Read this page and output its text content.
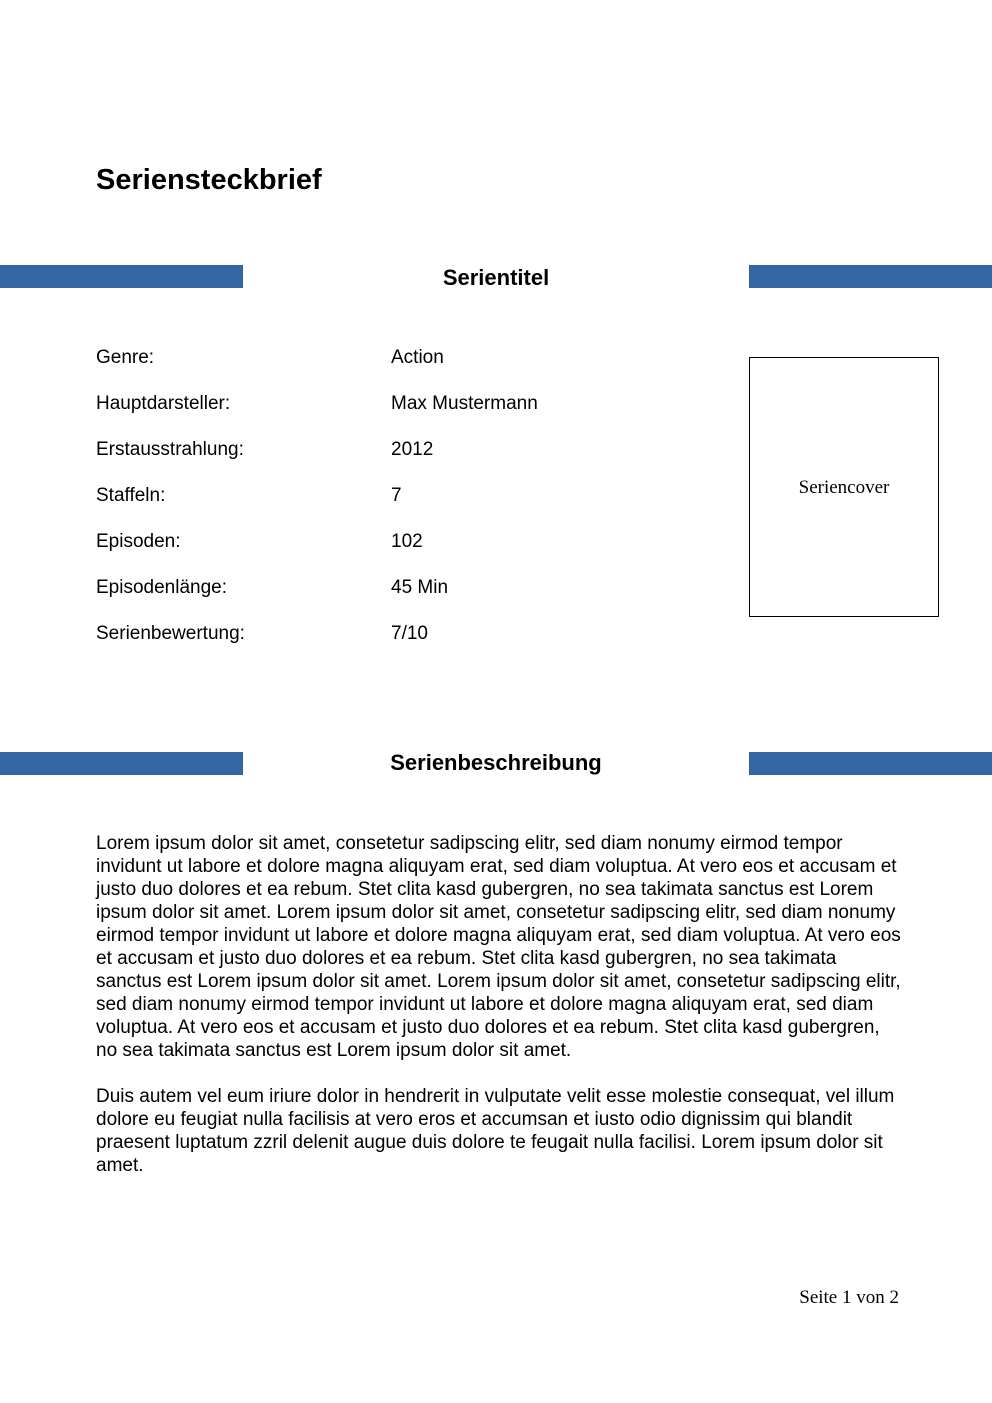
Seriensteckbrief
Serientitel
Genre:	Action
Hauptdarsteller:	Max Mustermann
Erstausstrahlung:	2012
Staffeln:	7
Episoden:	102
Episodenlänge:	45 Min
Serienbewertung:	7/10
Seriencover
Serienbeschreibung

Lorem ipsum dolor sit amet, consetetur sadipscing elitr, sed diam nonumy eirmod tempor invidunt ut labore et dolore magna aliquyam erat, sed diam voluptua. At vero eos et accusam et justo duo dolores et ea rebum. Stet clita kasd gubergren, no sea takimata sanctus est Lorem ipsum dolor sit amet. Lorem ipsum dolor sit amet, consetetur sadipscing elitr, sed diam nonumy eirmod tempor invidunt ut labore et dolore magna aliquyam erat, sed diam voluptua. At vero eos et accusam et justo duo dolores et ea rebum. Stet clita kasd gubergren, no sea takimata sanctus est Lorem ipsum dolor sit amet. Lorem ipsum dolor sit amet, consetetur sadipscing elitr, sed diam nonumy eirmod tempor invidunt ut labore et dolore magna aliquyam erat, sed diam voluptua. At vero eos et accusam et justo duo dolores et ea rebum. Stet clita kasd gubergren, no sea takimata sanctus est Lorem ipsum dolor sit amet.

Duis autem vel eum iriure dolor in hendrerit in vulputate velit esse molestie consequat, vel illum dolore eu feugiat nulla facilisis at vero eros et accumsan et iusto odio dignissim qui blandit praesent luptatum zzril delenit augue duis dolore te feugait nulla facilisi. Lorem ipsum dolor sit amet.

Seite 1 von 2
